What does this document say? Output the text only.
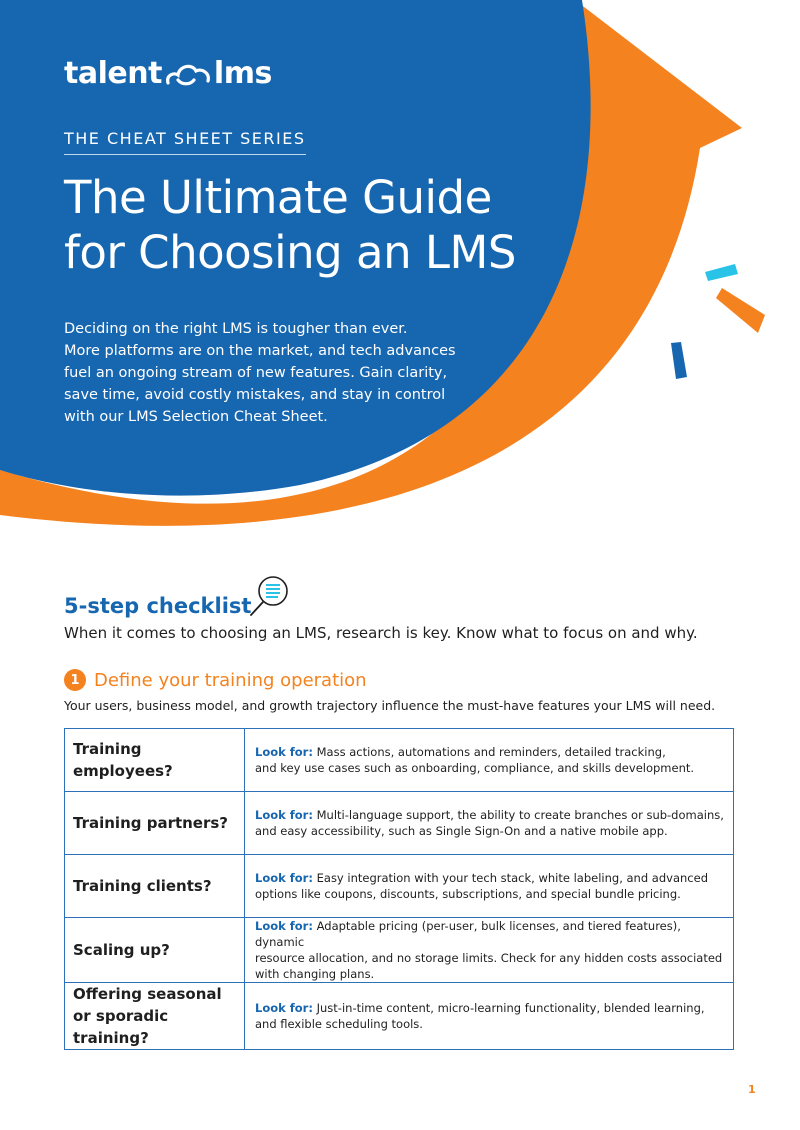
talent lms
THE CHEAT SHEET SERIES
The Ultimate Guide
for Choosing an LMS
Deciding on the right LMS is tougher than ever.
More platforms are on the market, and tech advances
fuel an ongoing stream of new features. Gain clarity,
save time, avoid costly mistakes, and stay in control
with our LMS Selection Cheat Sheet.
5-step checklist
When it comes to choosing an LMS, research is key. Know what to focus on and why.
1 Define your training operation
Your users, business model, and growth trajectory influence the must-have features your LMS will need.
Training employees?	Look for: Mass actions, automations and reminders, detailed tracking,
and key use cases such as onboarding, compliance, and skills development.
Training partners?	Look for: Multi-language support, the ability to create branches or sub-domains,
and easy accessibility, such as Single Sign-On and a native mobile app.
Training clients?	Look for: Easy integration with your tech stack, white labeling, and advanced
options like coupons, discounts, subscriptions, and special bundle pricing.
Scaling up?	Look for: Adaptable pricing (per-user, bulk licenses, and tiered features), dynamic
resource allocation, and no storage limits. Check for any hidden costs associated
with changing plans.
Offering seasonal
or sporadic training?	Look for: Just-in-time content, micro-learning functionality, blended learning,
and flexible scheduling tools.
1
